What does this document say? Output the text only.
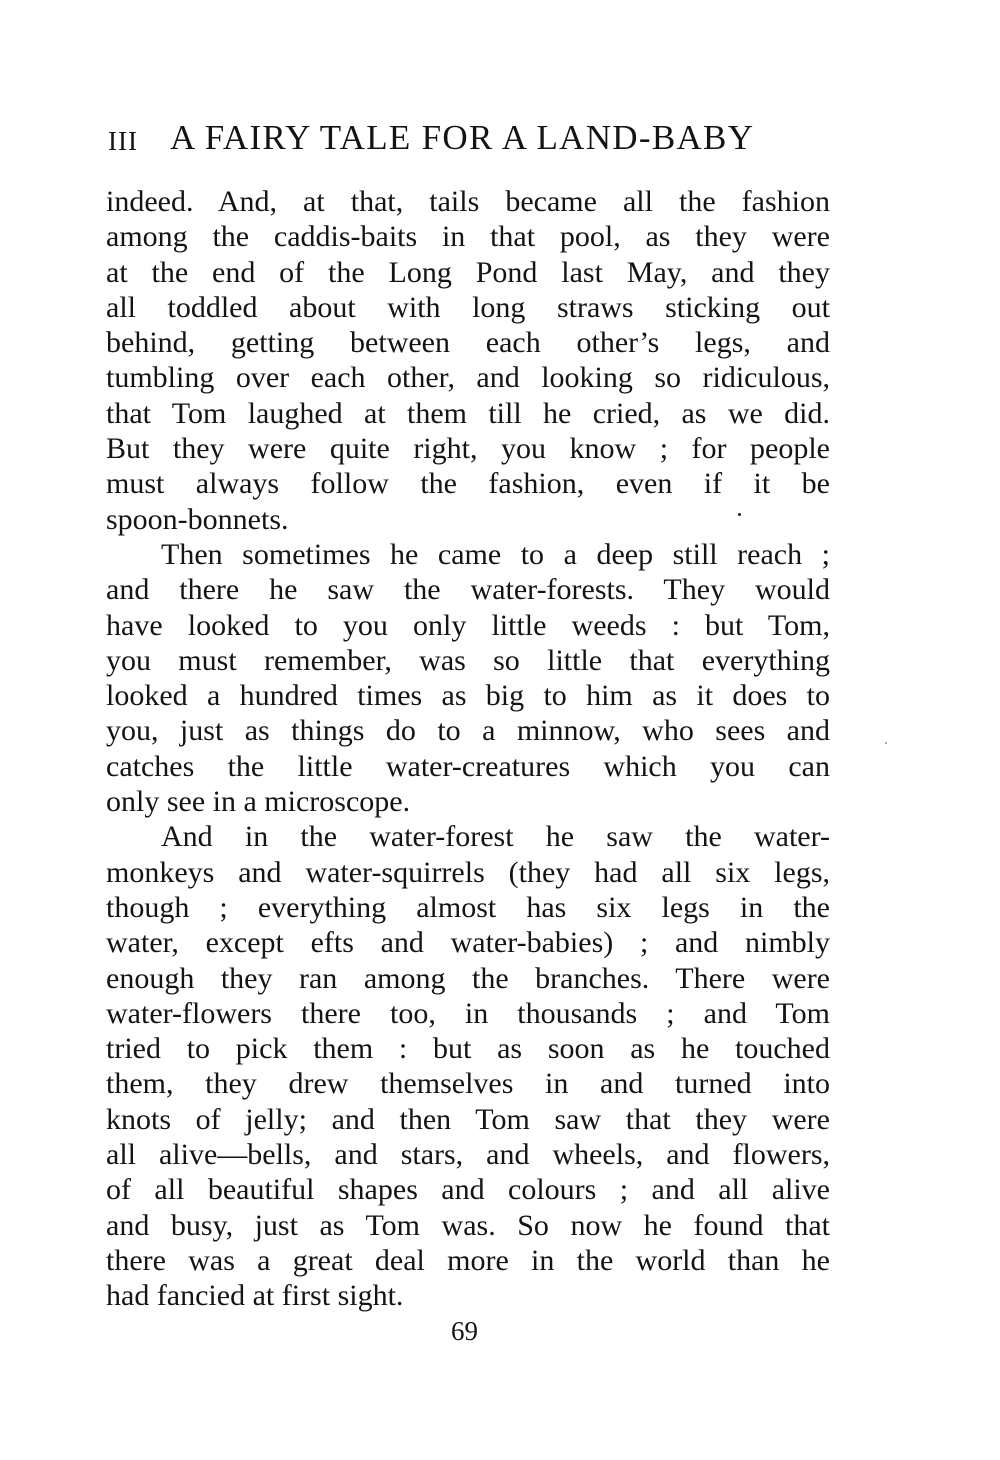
III A FAIRY TALE FOR A LAND-BABY
indeed. And, at that, tails became all the fashion
among the caddis-baits in that pool, as they were
at the end of the Long Pond last May, and they
all toddled about with long straws sticking out
behind, getting between each other’s legs, and
tumbling over each other, and looking so ridiculous,
that Tom laughed at them till he cried, as we did.
But they were quite right, you know ; for people
must always follow the fashion, even if it be
spoon-bonnets.
Then sometimes he came to a deep still reach ;
and there he saw the water-forests. They would
have looked to you only little weeds : but Tom,
you must remember, was so little that everything
looked a hundred times as big to him as it does to
you, just as things do to a minnow, who sees and
catches the little water-creatures which you can
only see in a microscope.
And in the water-forest he saw the water-
monkeys and water-squirrels (they had all six legs,
though ; everything almost has six legs in the
water, except efts and water-babies) ; and nimbly
enough they ran among the branches. There were
water-flowers there too, in thousands ; and Tom
tried to pick them : but as soon as he touched
them, they drew themselves in and turned into
knots of jelly; and then Tom saw that they were
all alive—bells, and stars, and wheels, and flowers,
of all beautiful shapes and colours ; and all alive
and busy, just as Tom was. So now he found that
there was a great deal more in the world than he
had fancied at first sight.
69
